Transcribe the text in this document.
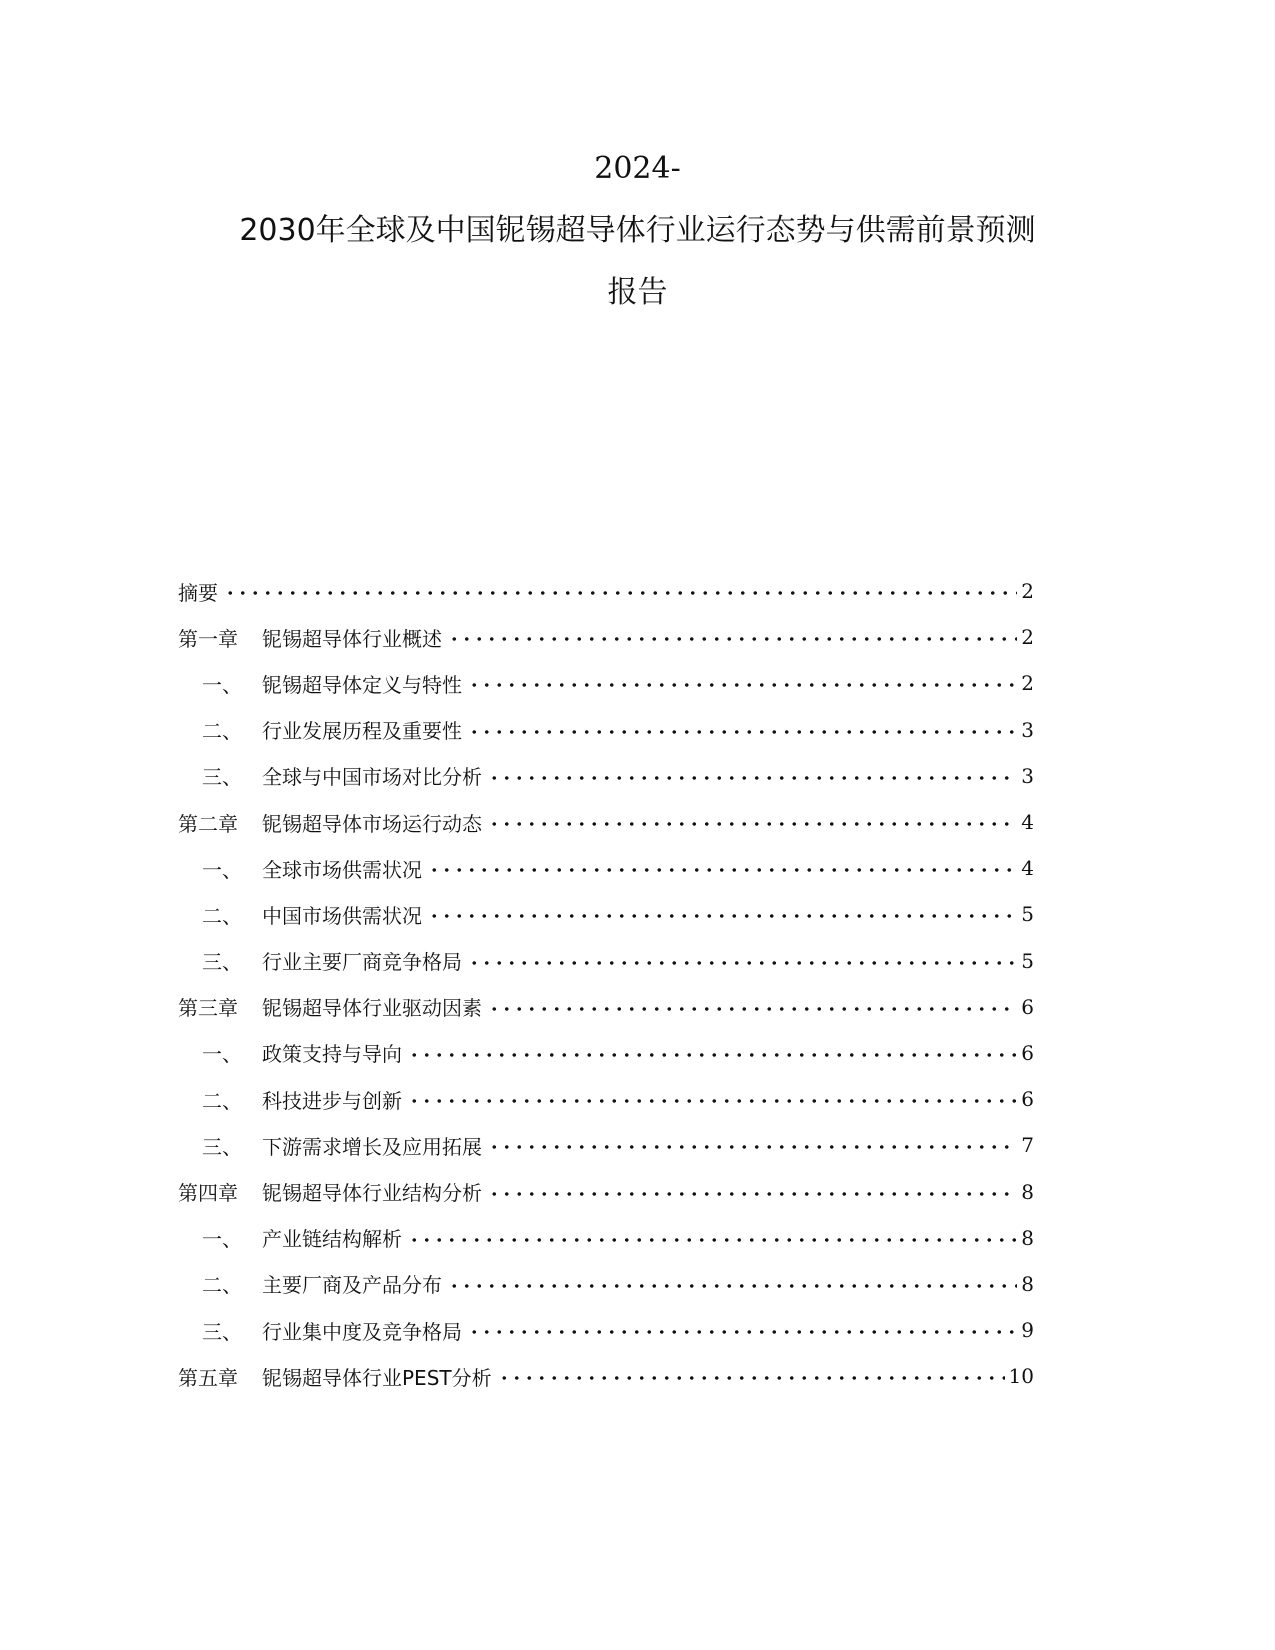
2024-
2030年全球及中国铌锡超导体行业运行态势与供需前景预测
报告
摘要	2
第一章	铌锡超导体行业概述	2
一、	铌锡超导体定义与特性	2
二、	行业发展历程及重要性	3
三、	全球与中国市场对比分析	3
第二章	铌锡超导体市场运行动态	4
一、	全球市场供需状况	4
二、	中国市场供需状况	5
三、	行业主要厂商竞争格局	5
第三章	铌锡超导体行业驱动因素	6
一、	政策支持与导向	6
二、	科技进步与创新	6
三、	下游需求增长及应用拓展	7
第四章	铌锡超导体行业结构分析	8
一、	产业链结构解析	8
二、	主要厂商及产品分布	8
三、	行业集中度及竞争格局	9
第五章	铌锡超导体行业PEST分析	10
